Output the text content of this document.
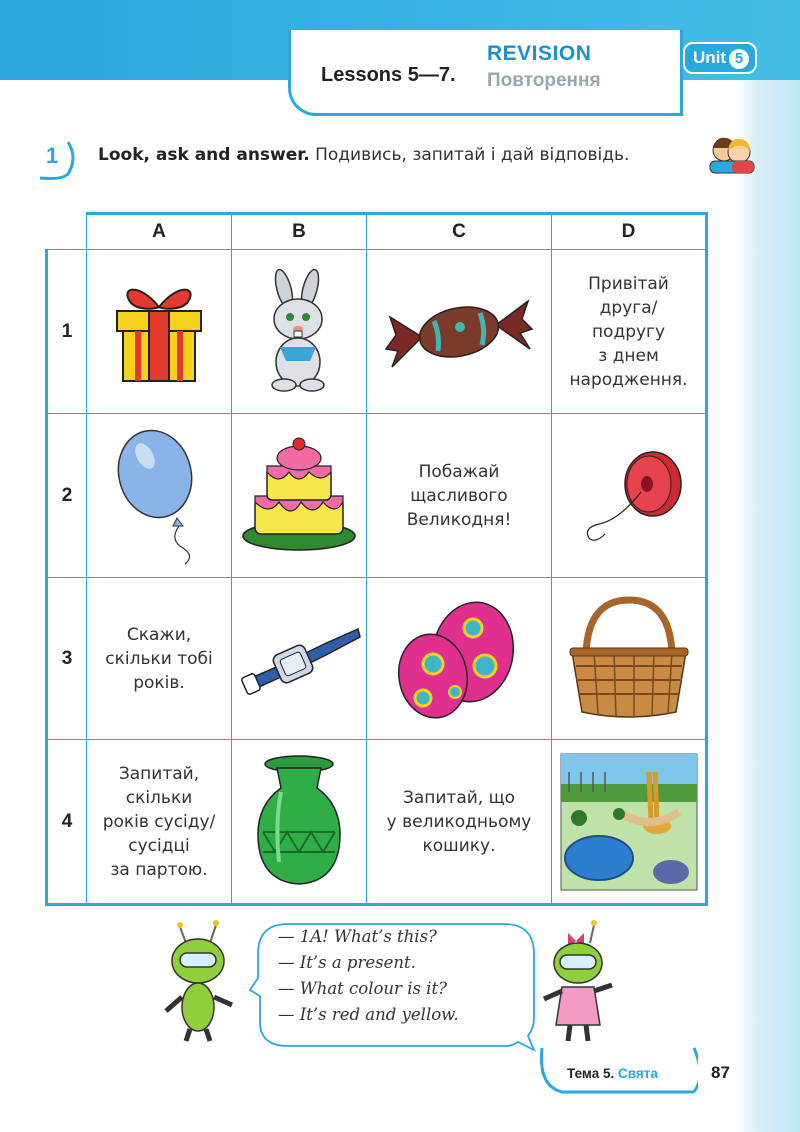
Lessons 5—7.
REVISION
Повторення
Unit 5
1 Look, ask and answer. Подивись, запитай і дай відповідь.
	A	B	C	D
1				Привітай
друга/
подругу
з днем
народження.

2			Побажай
щасливого
Великодня!

3	Скажи,
скільки тобі
років.

4	Запитай,
скільки
років сусіду/
сусідці
за партою.		Запитай, що
у великодньому
кошику.

— 1A! What’s this?
— It’s a present.
— What colour is it?
— It’s red and yellow.
Тема 5. Свята	87
